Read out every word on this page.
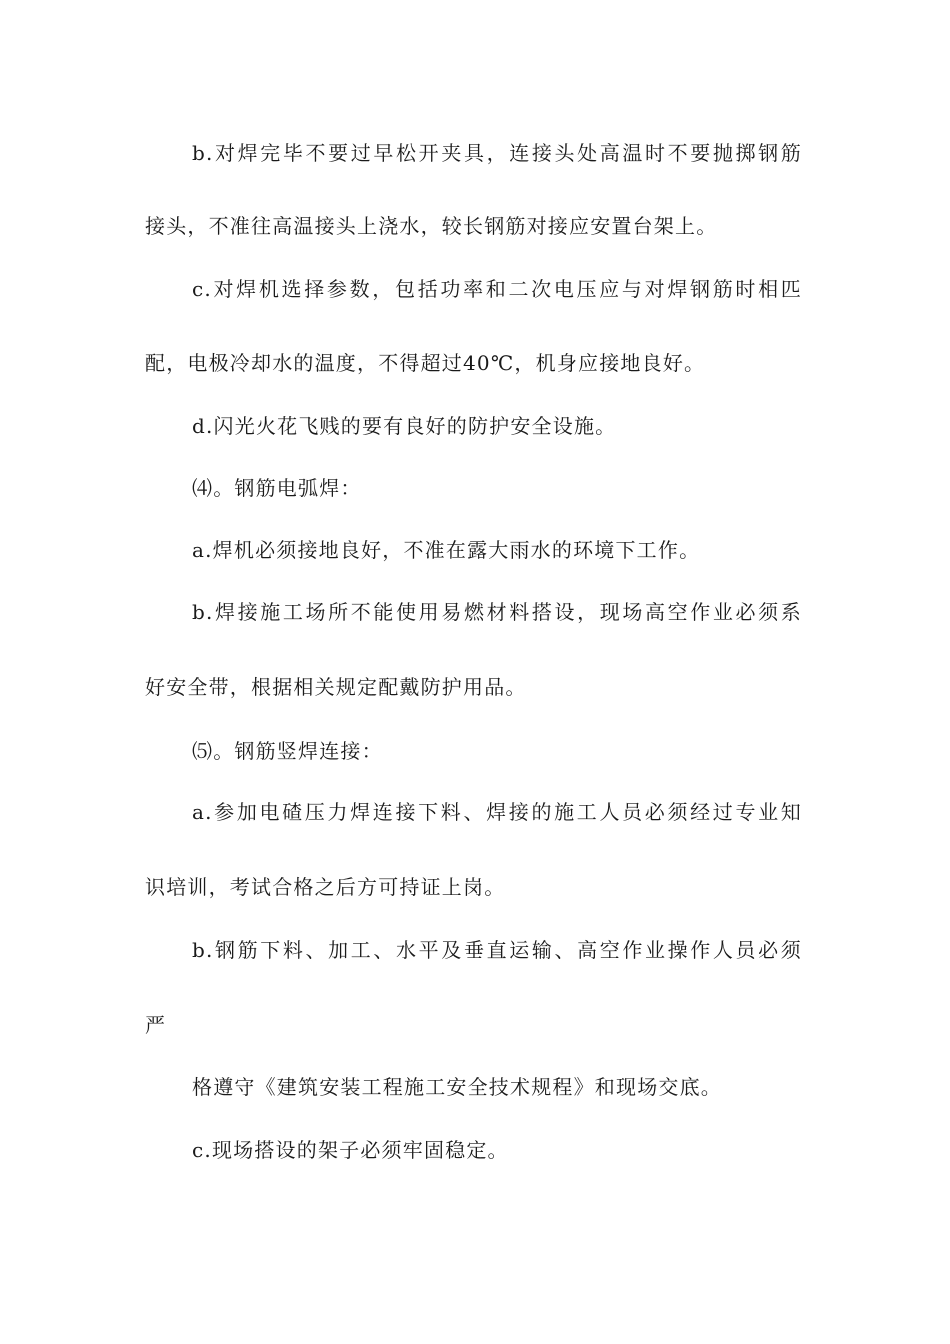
b.对焊完毕不要过早松开夹具，连接头处高温时不要抛掷钢筋
接头，不准往高温接头上浇水，较长钢筋对接应安置台架上。
c.对焊机选择参数，包括功率和二次电压应与对焊钢筋时相匹
配，电极冷却水的温度，不得超过40℃，机身应接地良好。
d.闪光火花飞贱的要有良好的防护安全设施。
⑷。钢筋电弧焊：
a.焊机必须接地良好，不准在露大雨水的环境下工作。
b.焊接施工场所不能使用易燃材料搭设，现场高空作业必须系
好安全带，根据相关规定配戴防护用品。
⑸。钢筋竖焊连接：
a.参加电碴压力焊连接下料、焊接的施工人员必须经过专业知
识培训，考试合格之后方可持证上岗。
b.钢筋下料、加工、水平及垂直运输、高空作业操作人员必须
严
格遵守《建筑安装工程施工安全技术规程》和现场交底。
c.现场搭设的架子必须牢固稳定。
